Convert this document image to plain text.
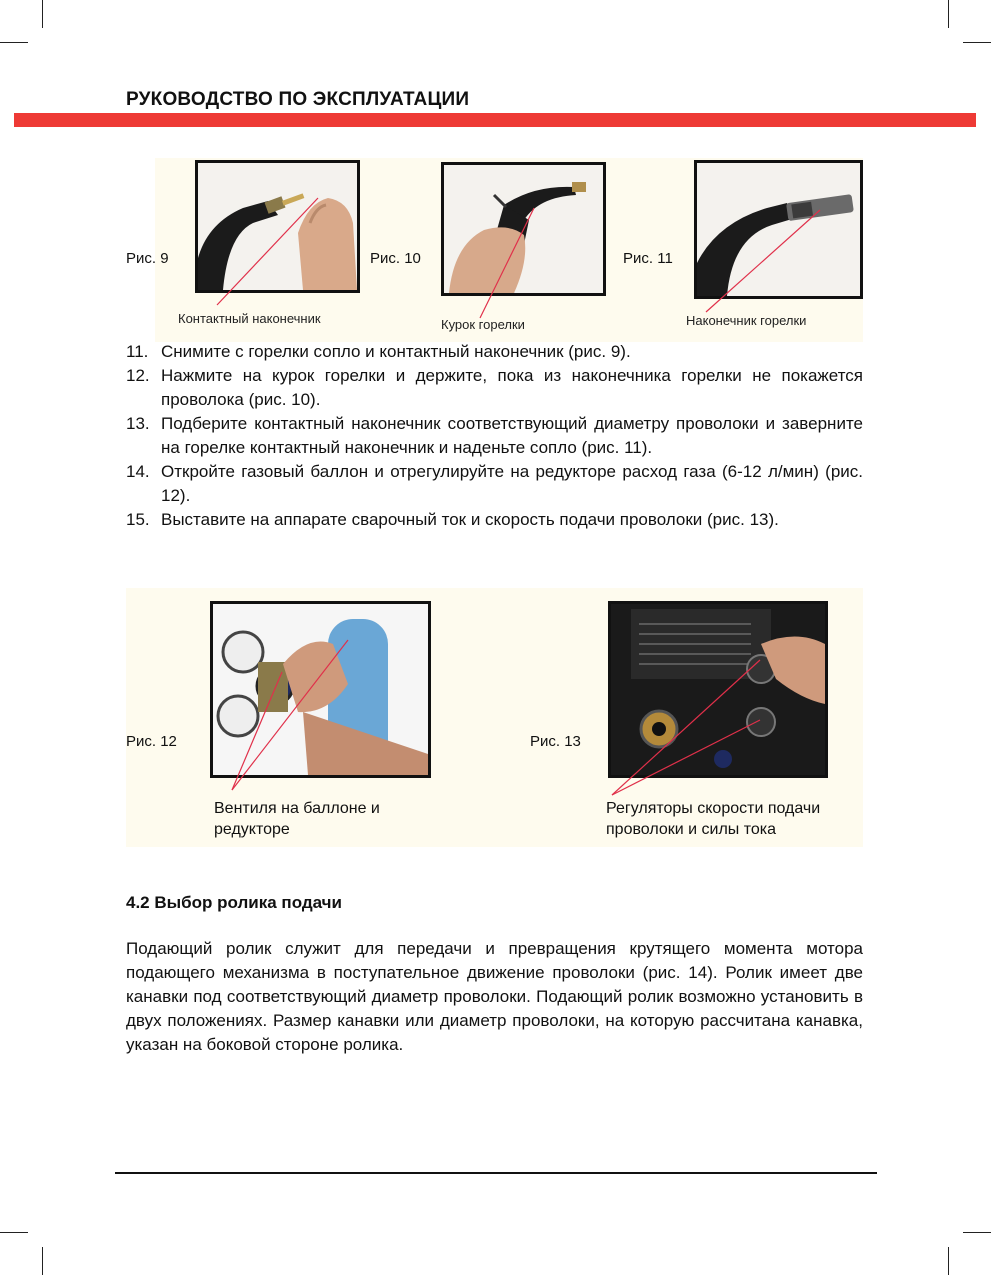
РУКОВОДСТВО ПО ЭКСПЛУАТАЦИИ
Рис. 9	Рис. 10	Рис. 11
Контактный наконечник	Курок горелки	Наконечник горелки
11. Снимите с горелки сопло и контактный наконечник (рис. 9).
12. Нажмите на курок горелки и держите, пока из наконечника горелки не покажется проволока (рис. 10).
13. Подберите контактный наконечник соответствующий диаметру проволоки и заверните на горелке контактный наконечник и наденьте сопло (рис. 11).
14. Откройте газовый баллон и отрегулируйте на редукторе расход газа (6-12 л/мин) (рис. 12).
15. Выставите на аппарате сварочный ток и скорость подачи проволоки (рис. 13).
Рис. 12	Рис. 13
Вентиля на баллоне и
редукторе
Регуляторы скорости подачи
проволоки и силы тока
4.2 Выбор ролика подачи

Подающий ролик служит для передачи и превращения крутящего момента мотора подающего механизма в поступательное движение проволоки (рис. 14). Ролик имеет две канавки под соответствующий диаметр проволоки. Подающий ролик возможно установить в двух положениях. Размер канавки или диаметр проволоки, на которую рассчитана канавка, указан на боковой стороне ролика.
